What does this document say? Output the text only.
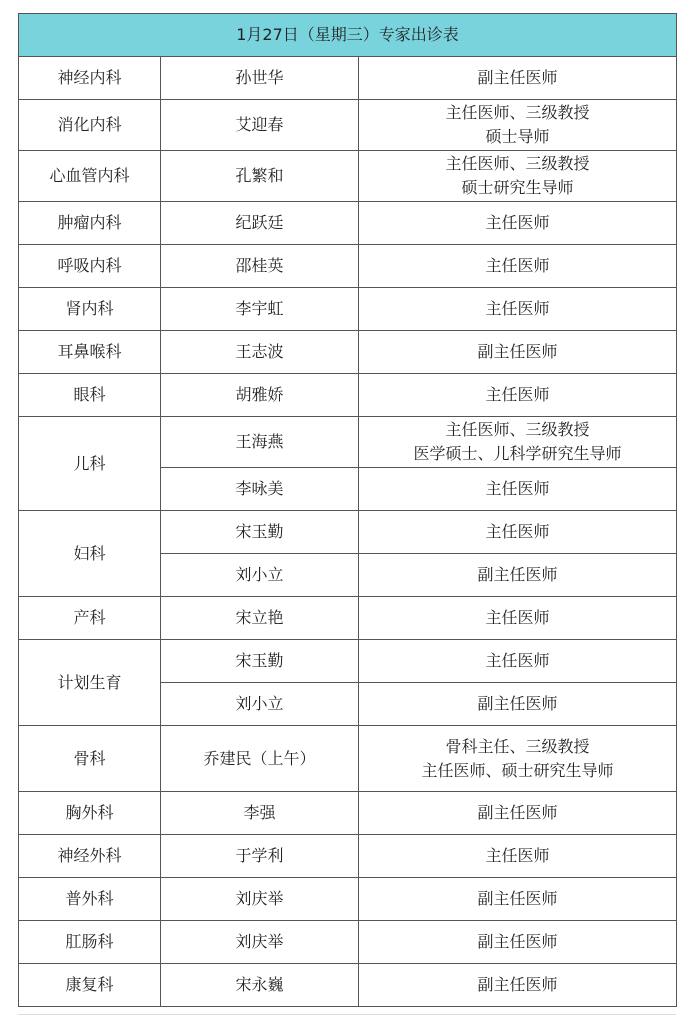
1月27日（星期三）专家出诊表		
神经内科	孙世华	副主任医师

消化内科	艾迎春	主任医师、三级教授
硕士导师

心血管内科	孔繁和	主任医师、三级教授
硕士研究生导师

肿瘤内科	纪跃廷	主任医师

呼吸内科	邵桂英	主任医师

肾内科	李宇虹	主任医师

耳鼻喉科	王志波	副主任医师

眼科	胡雅娇	主任医师

儿科	王海燕	主任医师、三级教授
医学硕士、儿科学研究生导师

	李咏美	主任医师

妇科	宋玉勤	主任医师

	刘小立	副主任医师

产科	宋立艳	主任医师

计划生育	宋玉勤	主任医师

	刘小立	副主任医师

骨科	乔建民（上午）	骨科主任、三级教授
主任医师、硕士研究生导师

胸外科	李强	副主任医师

神经外科	于学利	主任医师

普外科	刘庆举	副主任医师

肛肠科	刘庆举	副主任医师

康复科	宋永巍	副主任医师
